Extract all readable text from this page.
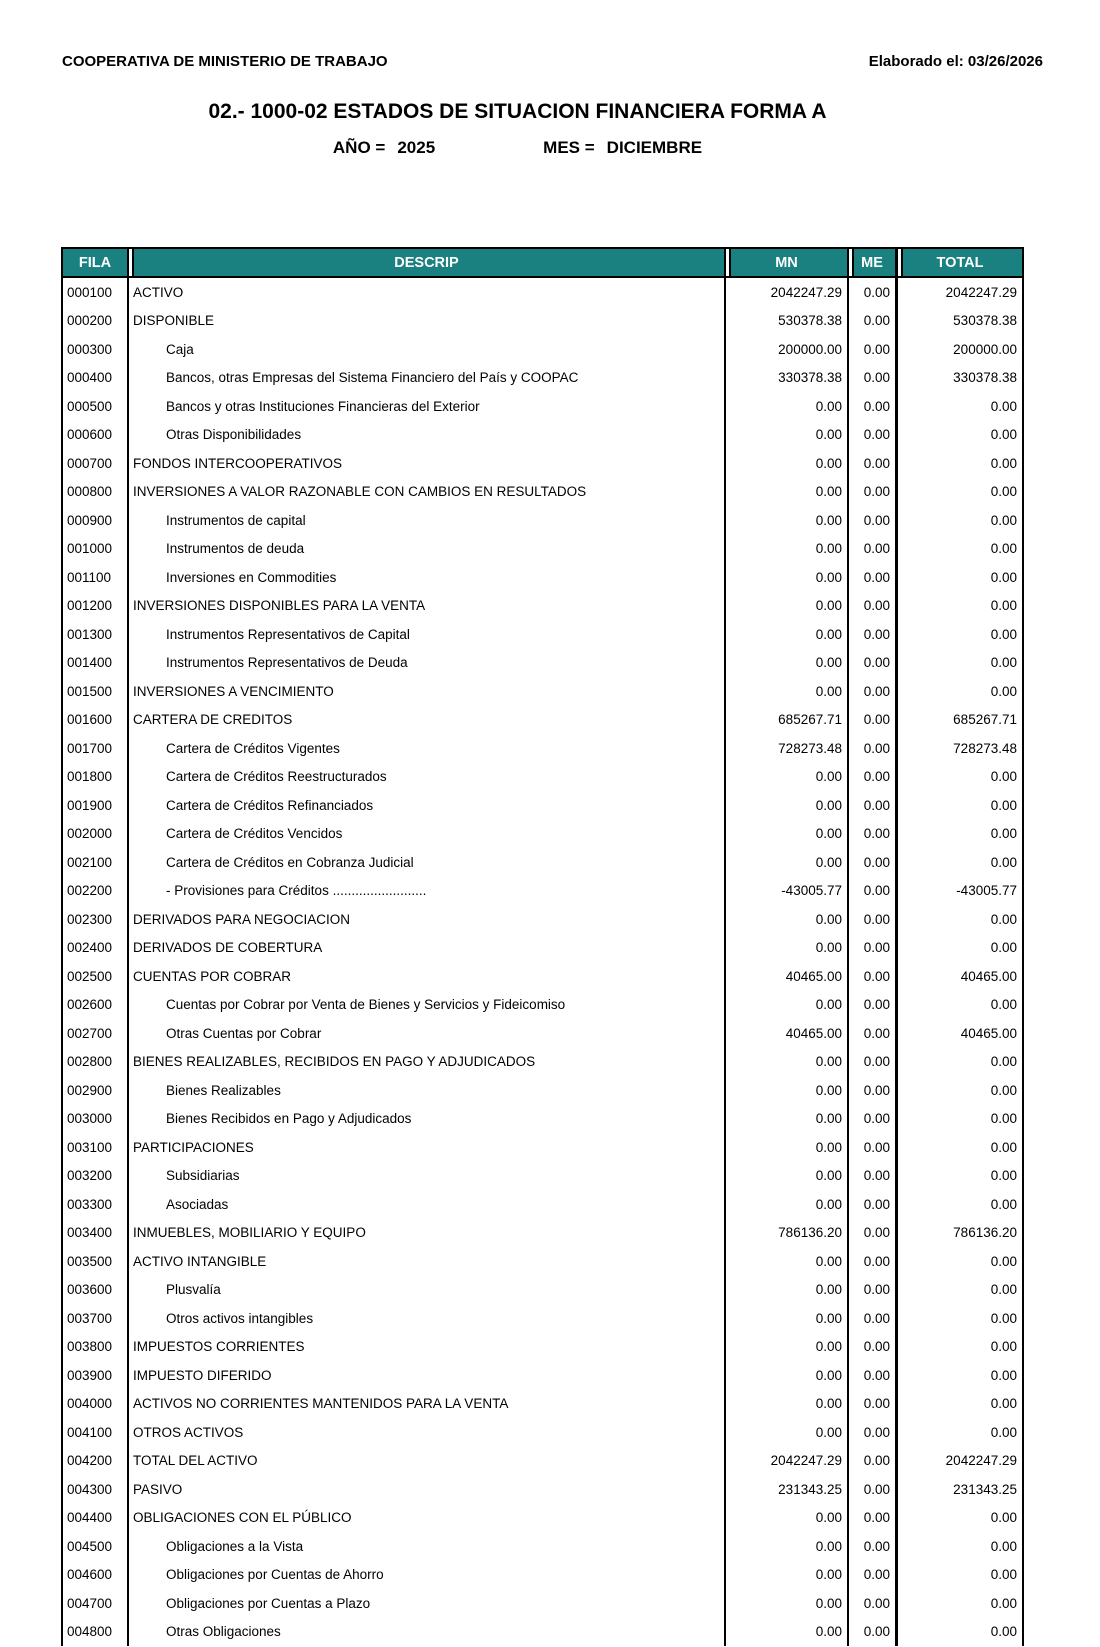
COOPERATIVA DE MINISTERIO DE TRABAJO	Elaborado el: 03/26/2026
02.- 1000-02 ESTADOS DE SITUACION FINANCIERA FORMA A
AÑO = 2025	MES = DICIEMBRE
FILA	DESCRIP	MN	ME	TOTAL
000100	ACTIVO	2042247.29	0.00	2042247.29
000200	DISPONIBLE	530378.38	0.00	530378.38
000300	Caja	200000.00	0.00	200000.00
000400	Bancos, otras Empresas del Sistema Financiero del País y COOPAC	330378.38	0.00	330378.38
000500	Bancos y otras Instituciones Financieras del Exterior	0.00	0.00	0.00
000600	Otras Disponibilidades	0.00	0.00	0.00
000700	FONDOS INTERCOOPERATIVOS	0.00	0.00	0.00
000800	INVERSIONES A VALOR RAZONABLE CON CAMBIOS EN RESULTADOS	0.00	0.00	0.00
000900	Instrumentos de capital	0.00	0.00	0.00
001000	Instrumentos de deuda	0.00	0.00	0.00
001100	Inversiones en Commodities	0.00	0.00	0.00
001200	INVERSIONES DISPONIBLES PARA LA VENTA	0.00	0.00	0.00
001300	Instrumentos Representativos de Capital	0.00	0.00	0.00
001400	Instrumentos Representativos de Deuda	0.00	0.00	0.00
001500	INVERSIONES A VENCIMIENTO	0.00	0.00	0.00
001600	CARTERA DE CREDITOS	685267.71	0.00	685267.71
001700	Cartera de Créditos Vigentes	728273.48	0.00	728273.48
001800	Cartera de Créditos Reestructurados	0.00	0.00	0.00
001900	Cartera de Créditos Refinanciados	0.00	0.00	0.00
002000	Cartera de Créditos Vencidos	0.00	0.00	0.00
002100	Cartera de Créditos en Cobranza Judicial	0.00	0.00	0.00
002200	- Provisiones para Créditos .........................	-43005.77	0.00	-43005.77
002300	DERIVADOS PARA NEGOCIACION	0.00	0.00	0.00
002400	DERIVADOS DE COBERTURA	0.00	0.00	0.00
002500	CUENTAS POR COBRAR	40465.00	0.00	40465.00
002600	Cuentas por Cobrar por Venta de Bienes y Servicios y Fideicomiso	0.00	0.00	0.00
002700	Otras Cuentas por Cobrar	40465.00	0.00	40465.00
002800	BIENES REALIZABLES, RECIBIDOS EN PAGO Y ADJUDICADOS	0.00	0.00	0.00
002900	Bienes Realizables	0.00	0.00	0.00
003000	Bienes Recibidos en Pago y Adjudicados	0.00	0.00	0.00
003100	PARTICIPACIONES	0.00	0.00	0.00
003200	Subsidiarias	0.00	0.00	0.00
003300	Asociadas	0.00	0.00	0.00
003400	INMUEBLES, MOBILIARIO Y EQUIPO	786136.20	0.00	786136.20
003500	ACTIVO INTANGIBLE	0.00	0.00	0.00
003600	Plusvalía	0.00	0.00	0.00
003700	Otros activos intangibles	0.00	0.00	0.00
003800	IMPUESTOS CORRIENTES	0.00	0.00	0.00
003900	IMPUESTO DIFERIDO	0.00	0.00	0.00
004000	ACTIVOS NO CORRIENTES MANTENIDOS PARA LA VENTA	0.00	0.00	0.00
004100	OTROS ACTIVOS	0.00	0.00	0.00
004200	TOTAL DEL ACTIVO	2042247.29	0.00	2042247.29
004300	PASIVO	231343.25	0.00	231343.25
004400	OBLIGACIONES CON EL PÚBLICO	0.00	0.00	0.00
004500	Obligaciones a la Vista	0.00	0.00	0.00
004600	Obligaciones por Cuentas de Ahorro	0.00	0.00	0.00
004700	Obligaciones por Cuentas a Plazo	0.00	0.00	0.00
004800	Otras Obligaciones	0.00	0.00	0.00
